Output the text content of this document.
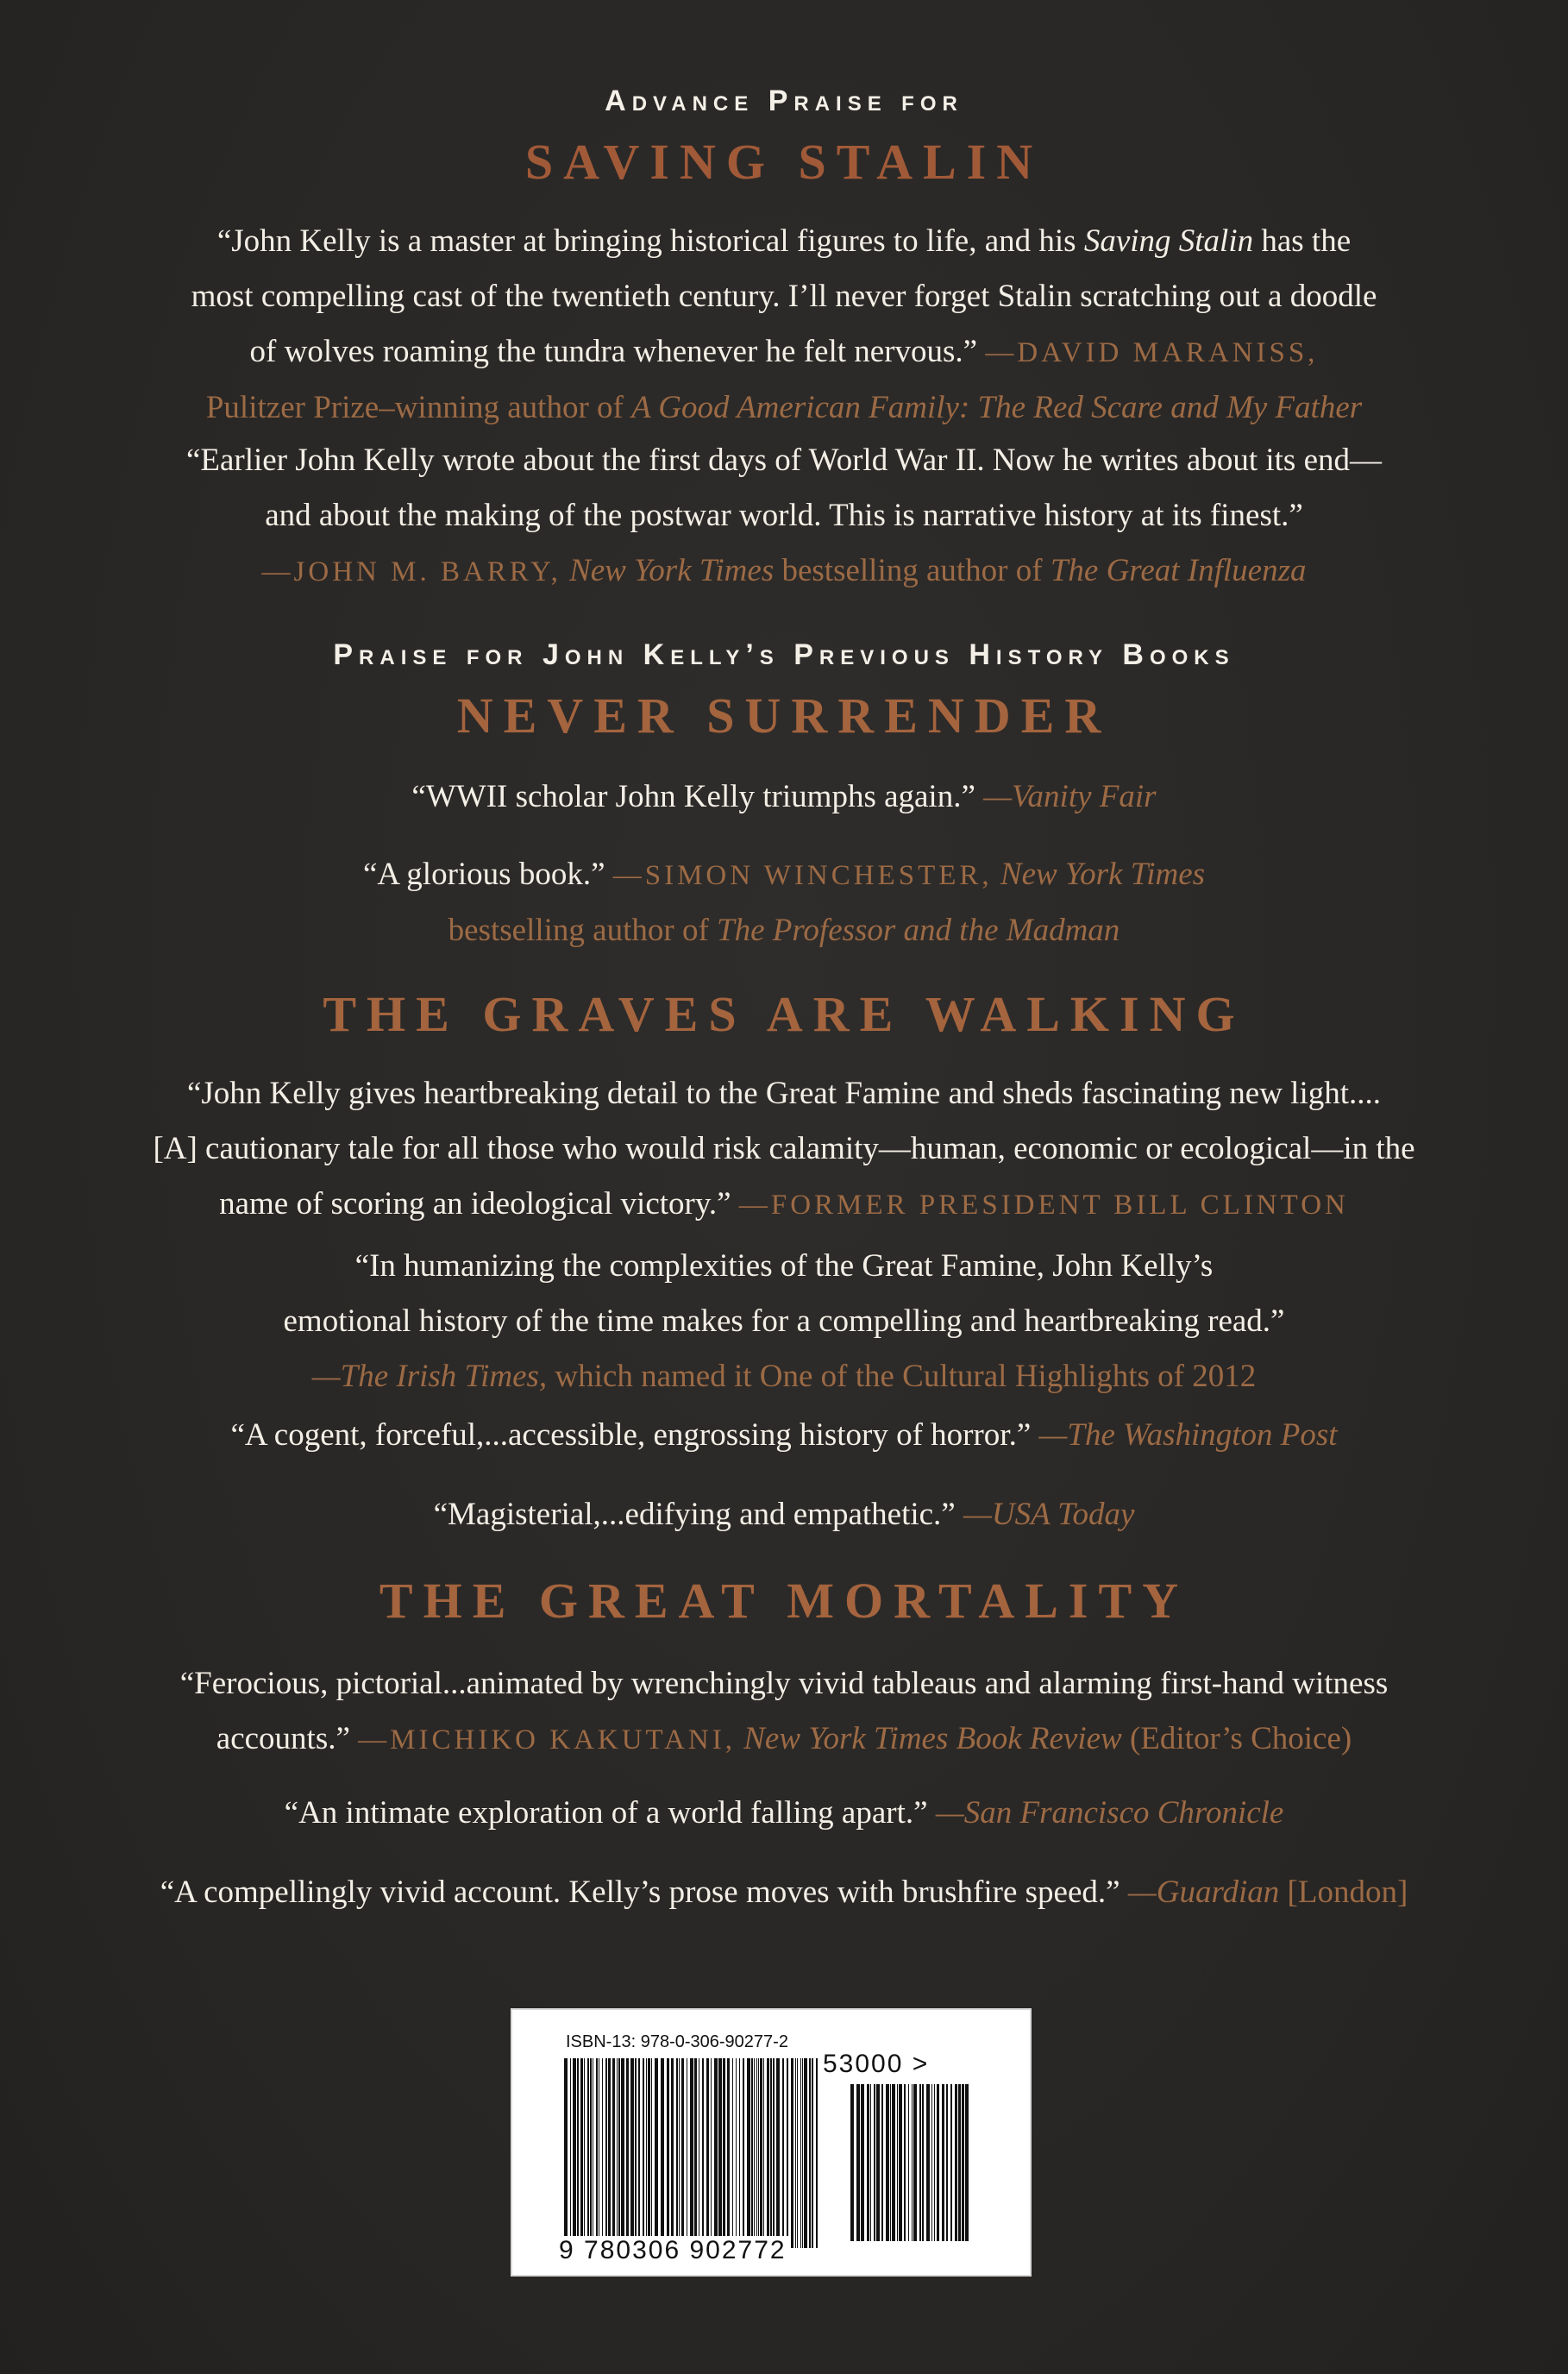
Advance Praise for
SAVING STALIN
“John Kelly is a master at bringing historical figures to life, and his Saving Stalin has the
most compelling cast of the twentieth century. I’ll never forget Stalin scratching out a doodle
of wolves roaming the tundra whenever he felt nervous.” —DAVID MARANISS,
Pulitzer Prize–winning author of A Good American Family: The Red Scare and My Father
“Earlier John Kelly wrote about the first days of World War II. Now he writes about its end—
and about the making of the postwar world. This is narrative history at its finest.”
—JOHN M. BARRY, New York Times bestselling author of The Great Influenza
Praise for John Kelly’s Previous History Books
NEVER SURRENDER
“WWII scholar John Kelly triumphs again.” —Vanity Fair
“A glorious book.” —SIMON WINCHESTER, New York Times
bestselling author of The Professor and the Madman
THE GRAVES ARE WALKING
“John Kelly gives heartbreaking detail to the Great Famine and sheds fascinating new light....
[A] cautionary tale for all those who would risk calamity—human, economic or ecological—in the
name of scoring an ideological victory.” —FORMER PRESIDENT BILL CLINTON
“In humanizing the complexities of the Great Famine, John Kelly’s
emotional history of the time makes for a compelling and heartbreaking read.”
—The Irish Times, which named it One of the Cultural Highlights of 2012
“A cogent, forceful,...accessible, engrossing history of horror.” —The Washington Post
“Magisterial,...edifying and empathetic.” —USA Today
THE GREAT MORTALITY
“Ferocious, pictorial...animated by wrenchingly vivid tableaus and alarming first-hand witness
accounts.” —MICHIKO KAKUTANI, New York Times Book Review (Editor’s Choice)
“An intimate exploration of a world falling apart.” —San Francisco Chronicle
“A compellingly vivid account. Kelly’s prose moves with brushfire speed.” —Guardian [London]
ISBN-13: 978-0-306-90277-2
53000 >
9 780306 902772
